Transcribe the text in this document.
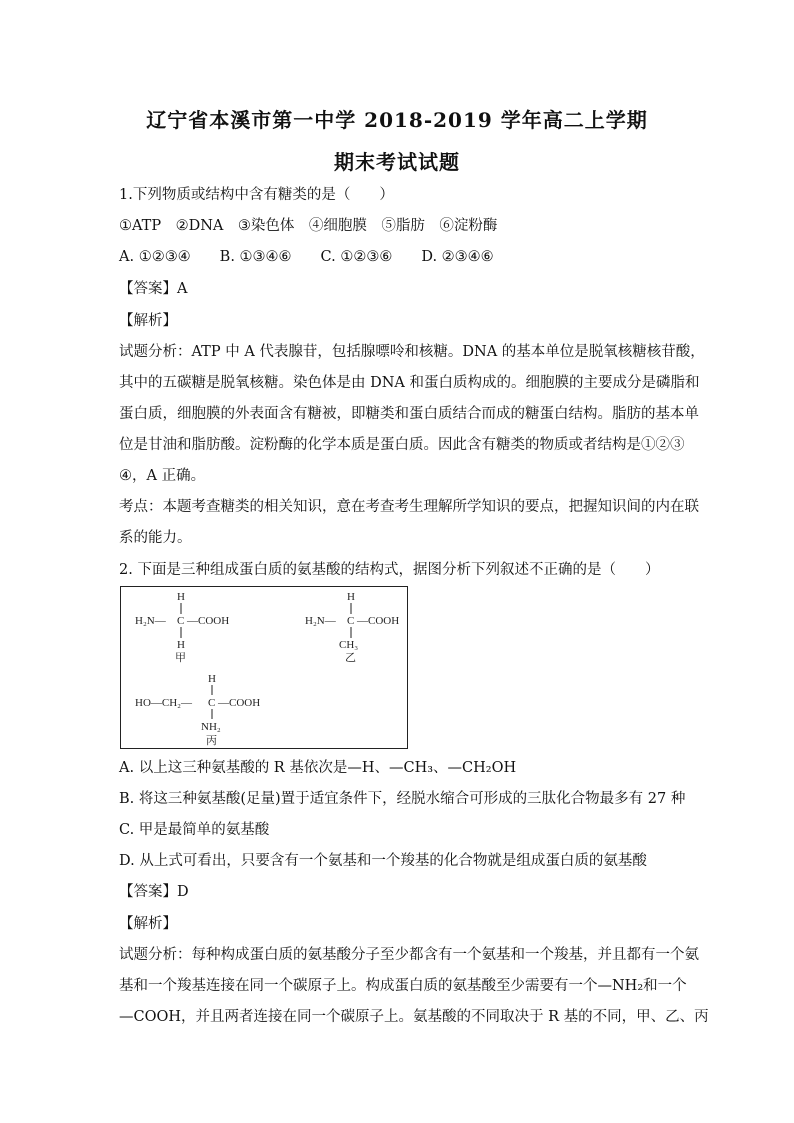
辽宁省本溪市第一中学 2018-2019 学年高二上学期
期末考试试题
1.下列物质或结构中含有糖类的是（　　）
①ATP　②DNA　③染色体　④细胞膜　⑤脂肪　⑥淀粉酶
A. ①②③④　　B. ①③④⑥　　C. ①②③⑥　　D. ②③④⑥
【答案】A
【解析】
试题分析：ATP 中 A 代表腺苷，包括腺嘌呤和核糖。DNA 的基本单位是脱氧核糖核苷酸，
其中的五碳糖是脱氧核糖。染色体是由 DNA 和蛋白质构成的。细胞膜的主要成分是磷脂和
蛋白质，细胞膜的外表面含有糖被，即糖类和蛋白质结合而成的糖蛋白结构。脂肪的基本单
位是甘油和脂肪酸。淀粉酶的化学本质是蛋白质。因此含有糖类的物质或者结构是①②③
④，A 正确。
考点：本题考查糖类的相关知识，意在考查考生理解所学知识的要点，把握知识间的内在联
系的能力。
2. 下面是三种组成蛋白质的氨基酸的结构式，据图分析下列叙述不正确的是（　　）
H
H₂N— C —COOH
H
甲
H
H₂N— C —COOH
CH₃
乙
H
HO—CH₂— C —COOH
NH₂
丙
A. 以上这三种氨基酸的 R 基依次是—H、—CH₃、—CH₂OH
B. 将这三种氨基酸(足量)置于适宜条件下，经脱水缩合可形成的三肽化合物最多有 27 种
C. 甲是最简单的氨基酸
D. 从上式可看出，只要含有一个氨基和一个羧基的化合物就是组成蛋白质的氨基酸
【答案】D
【解析】
试题分析：每种构成蛋白质的氨基酸分子至少都含有一个氨基和一个羧基，并且都有一个氨
基和一个羧基连接在同一个碳原子上。构成蛋白质的氨基酸至少需要有一个—NH₂和一个
—COOH，并且两者连接在同一个碳原子上。氨基酸的不同取决于 R 基的不同，甲、乙、丙
